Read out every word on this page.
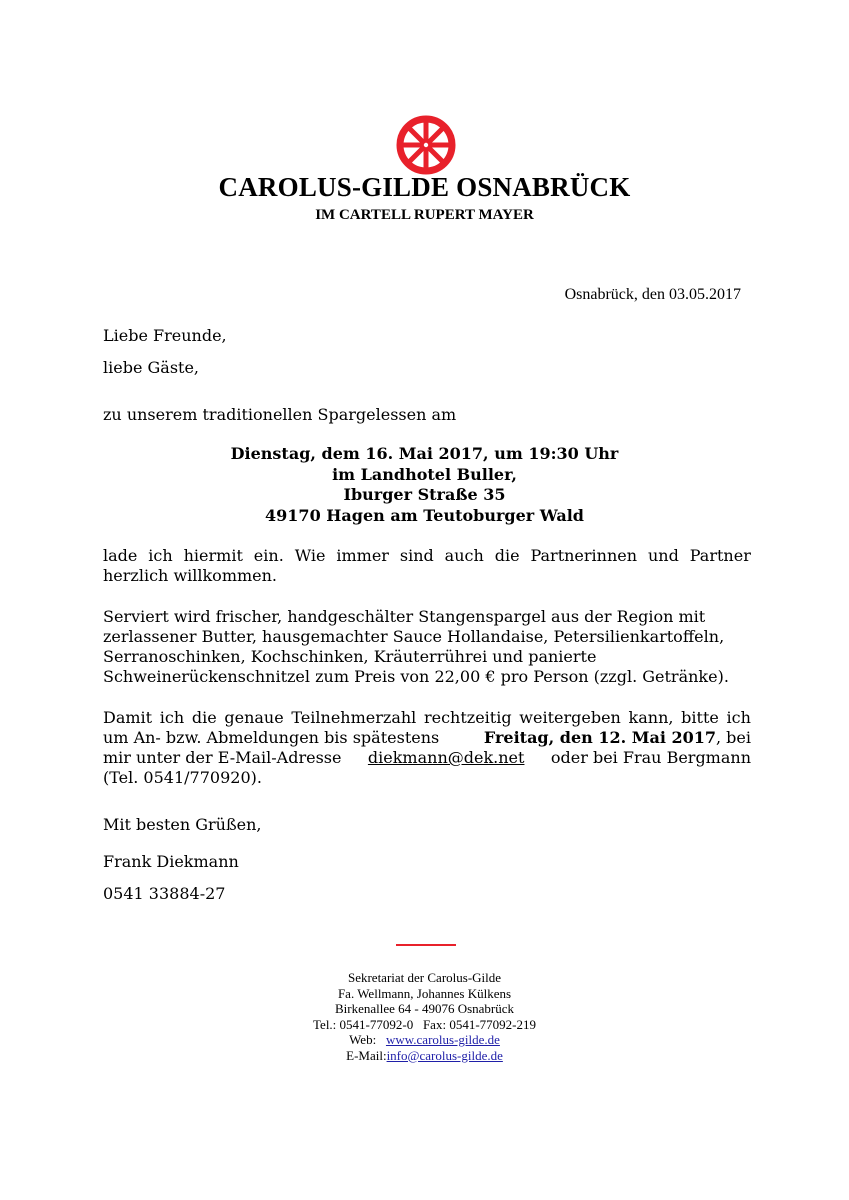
CAROLUS-GILDE OSNABRÜCK
IM CARTELL RUPERT MAYER
Osnabrück, den 03.05.2017
Liebe Freunde,
liebe Gäste,
zu unserem traditionellen Spargelessen am
Dienstag, dem 16. Mai 2017, um 19:30 Uhr
im Landhotel Buller,
Iburger Straße 35
49170 Hagen am Teutoburger Wald
lade ich hiermit ein. Wie immer sind auch die Partnerinnen und Partner
herzlich willkommen.
Serviert wird frischer, handgeschälter Stangenspargel aus der Region mit
zerlassener Butter, hausgemachter Sauce Hollandaise, Petersilienkartoffeln,
Serranoschinken, Kochschinken, Kräuterrührei und panierte
Schweinerückenschnitzel zum Preis von 22,00 € pro Person (zzgl. Getränke).
Damit ich die genaue Teilnehmerzahl rechtzeitig weitergeben kann, bitte ich
um An- bzw. Abmeldungen bis spätestens	Freitag, den 12. Mai 2017, bei
mir unter der E-Mail-Adresse diekmann@dek.net oder bei Frau Bergmann
(Tel. 0541/770920).
Mit besten Grüßen,
Frank Diekmann
0541 33884-27
Sekretariat der Carolus-Gilde
Fa. Wellmann, Johannes Külkens
Birkenallee 64 - 49076 Osnabrück
Tel.: 0541-77092-0   Fax: 0541-77092-219
Web: www.carolus-gilde.de
E-Mail:info@carolus-gilde.de
